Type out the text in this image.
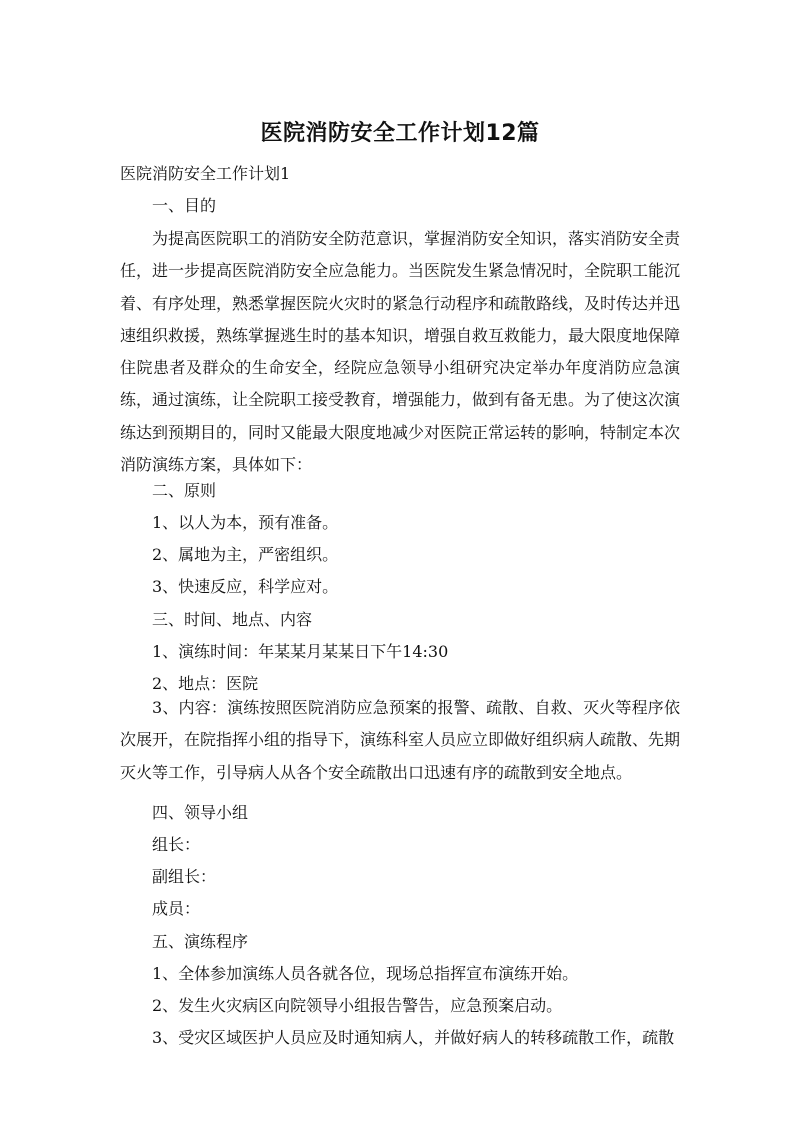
医院消防安全工作计划12篇
医院消防安全工作计划1
一、目的
为提高医院职工的消防安全防范意识，掌握消防安全知识，落实消防安全责任，进一步提高医院消防安全应急能力。当医院发生紧急情况时，全院职工能沉着、有序处理，熟悉掌握医院火灾时的紧急行动程序和疏散路线，及时传达并迅速组织救援，熟练掌握逃生时的基本知识，增强自救互救能力，最大限度地保障住院患者及群众的生命安全，经院应急领导小组研究决定举办年度消防应急演练，通过演练，让全院职工接受教育，增强能力，做到有备无患。为了使这次演练达到预期目的，同时又能最大限度地减少对医院正常运转的影响，特制定本次消防演练方案，具体如下：
二、原则
1、以人为本，预有准备。
2、属地为主，严密组织。
3、快速反应，科学应对。
三、时间、地点、内容
1、演练时间：年某某月某某日下午14:30
2、地点：医院
3、内容：演练按照医院消防应急预案的报警、疏散、自救、灭火等程序依次展开，在院指挥小组的指导下，演练科室人员应立即做好组织病人疏散、先期灭火等工作，引导病人从各个安全疏散出口迅速有序的疏散到安全地点。
四、领导小组
组长：
副组长：
成员：
五、演练程序
1、全体参加演练人员各就各位，现场总指挥宣布演练开始。
2、发生火灾病区向院领导小组报告警告，应急预案启动。
3、受灾区域医护人员应及时通知病人，并做好病人的转移疏散工作，疏散
